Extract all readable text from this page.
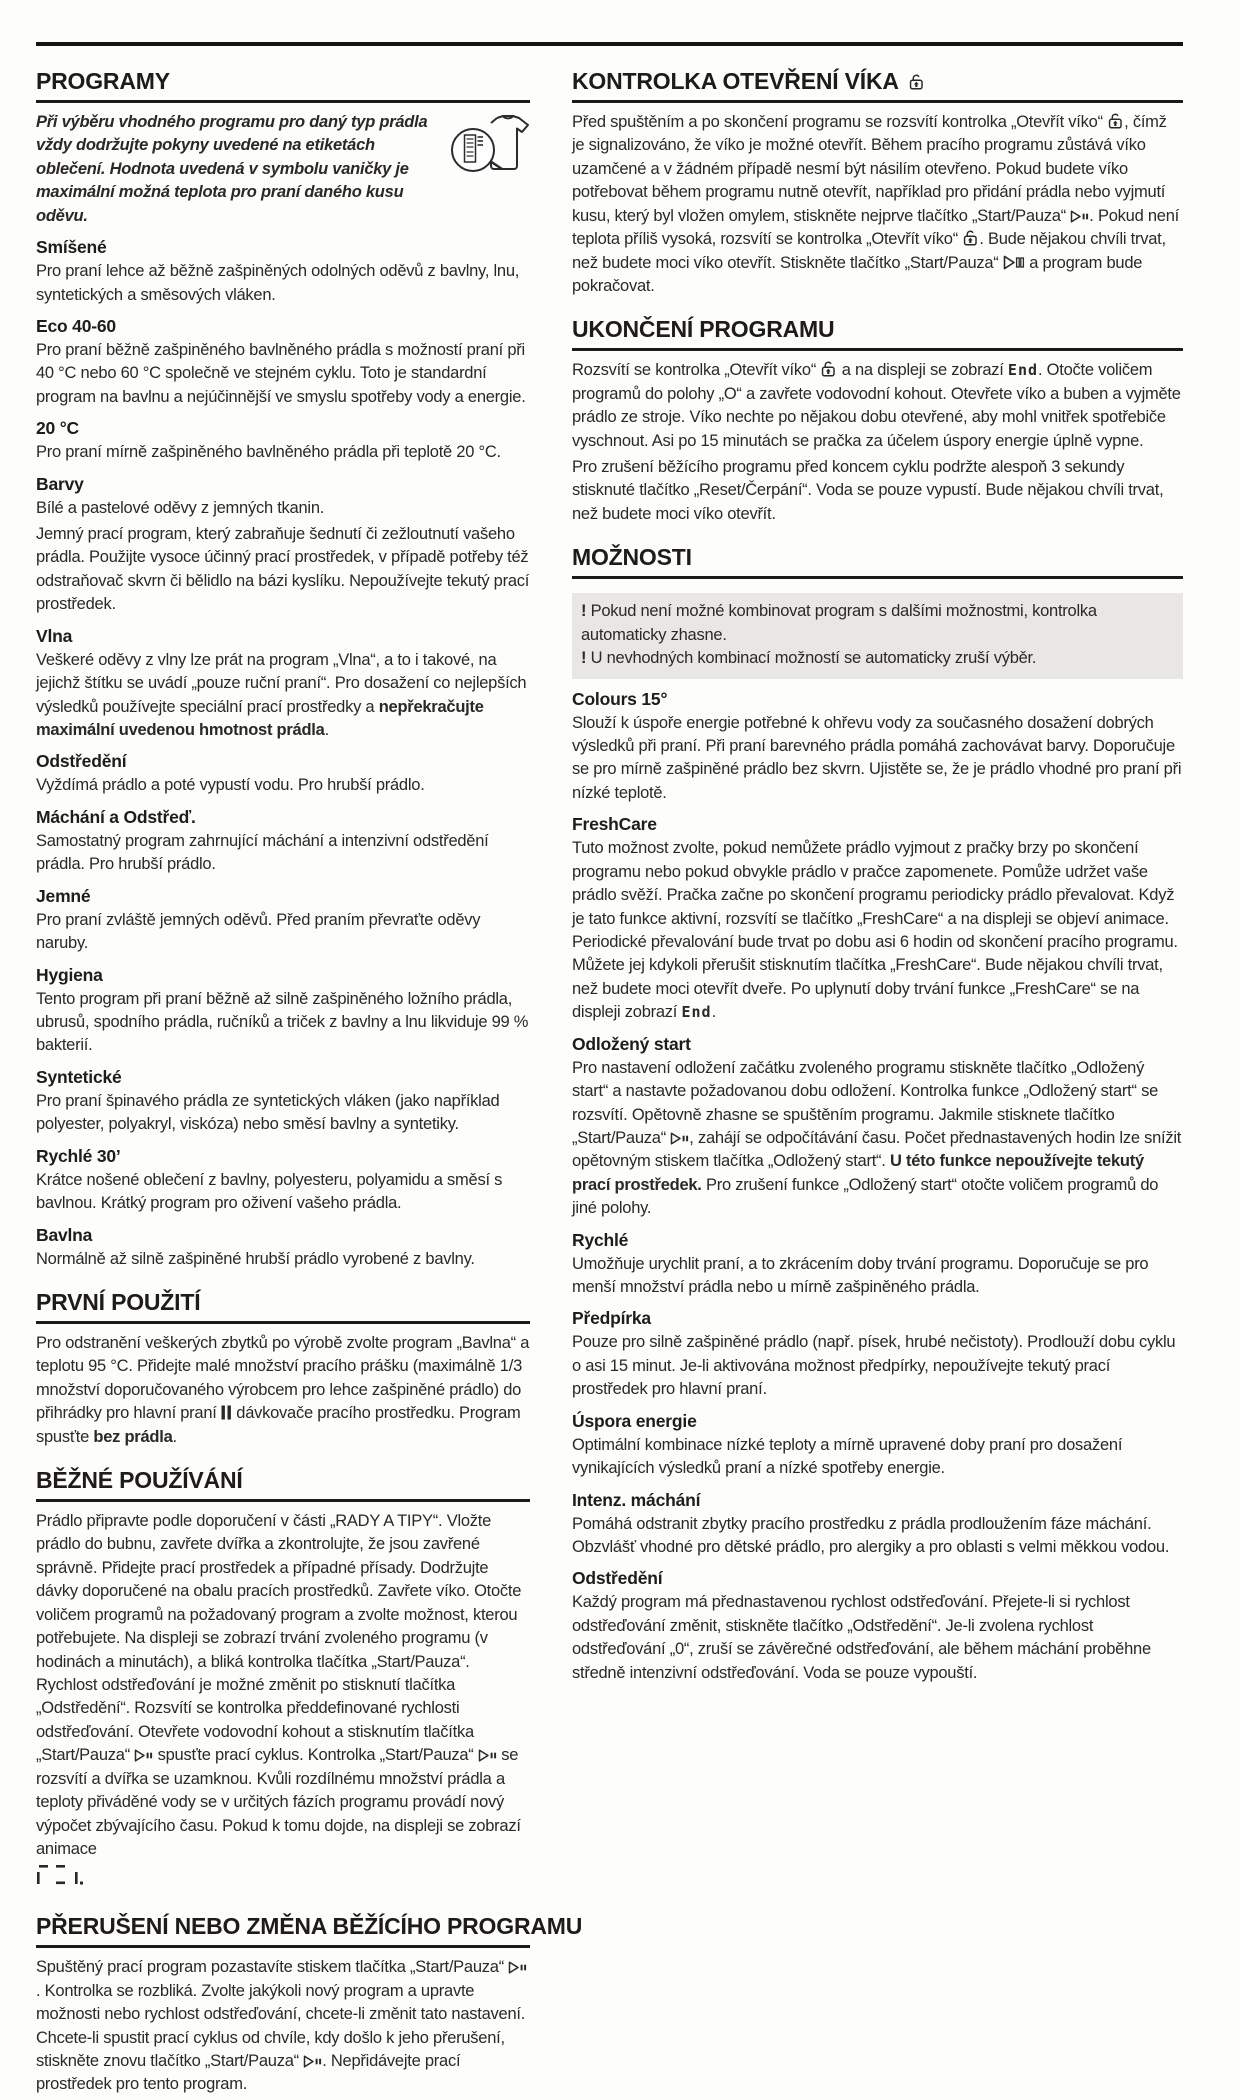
PROGRAMY

Při výběru vhodného programu pro daný typ prádla vždy dodržujte pokyny uvedené na etiketách oblečení. Hodnota uvedená v symbolu vaničky je maximální možná teplota pro praní daného kusu oděvu.

Smíšené

Pro praní lehce až běžně zašpiněných odolných oděvů z bavlny, lnu, syntetických a směsových vláken.

Eco 40-60

Pro praní běžně zašpiněného bavlněného prádla s možností praní při 40 °C nebo 60 °C společně ve stejném cyklu. Toto je standardní program na bavlnu a nejúčinnější ve smyslu spotřeby vody a energie.

20 °C

Pro praní mírně zašpiněného bavlněného prádla při teplotě 20 °C.

Barvy

Bílé a pastelové oděvy z jemných tkanin.

Jemný prací program, který zabraňuje šednutí či zežloutnutí vašeho prádla. Použijte vysoce účinný prací prostředek, v případě potřeby též odstraňovač skvrn či bělidlo na bázi kyslíku. Nepoužívejte tekutý prací prostředek.

Vlna

Veškeré oděvy z vlny lze prát na program „Vlna“, a to i takové, na jejichž štítku se uvádí „pouze ruční praní“. Pro dosažení co nejlepších výsledků používejte speciální prací prostředky a nepřekračujte maximální uvedenou hmotnost prádla.

Odstředění

Vyždímá prádlo a poté vypustí vodu. Pro hrubší prádlo.

Máchání a Odstřeď.

Samostatný program zahrnující máchání a intenzivní odstředění prádla. Pro hrubší prádlo.

Jemné

Pro praní zvláště jemných oděvů. Před praním převraťte oděvy naruby.

Hygiena

Tento program při praní běžně až silně zašpiněného ložního prádla, ubrusů, spodního prádla, ručníků a triček z bavlny a lnu likviduje 99 % bakterií.

Syntetické

Pro praní špinavého prádla ze syntetických vláken (jako například polyester, polyakryl, viskóza) nebo směsí bavlny a syntetiky.

Rychlé 30’

Krátce nošené oblečení z bavlny, polyesteru, polyamidu a směsí s bavlnou. Krátký program pro oživení vašeho prádla.

Bavlna

Normálně až silně zašpiněné hrubší prádlo vyrobené z bavlny.

PRVNÍ POUŽITÍ

Pro odstranění veškerých zbytků po výrobě zvolte program „Bavlna“ a teplotu 95 °C. Přidejte malé množství pracího prášku (maximálně 1/3 množství doporučovaného výrobcem pro lehce zašpiněné prádlo) do přihrádky pro hlavní praní  dávkovače pracího prostředku. Program spusťte bez prádla.

BĚŽNÉ POUŽÍVÁNÍ

Prádlo připravte podle doporučení v části „RADY A TIPY“. Vložte prádlo do bubnu, zavřete dvířka a zkontrolujte, že jsou zavřené správně. Přidejte prací prostředek a případné přísady. Dodržujte dávky doporučené na obalu pracích prostředků. Zavřete víko. Otočte voličem programů na požadovaný program a zvolte možnost, kterou potřebujete. Na displeji se zobrazí trvání zvoleného programu (v hodinách a minutách), a bliká kontrolka tlačítka „Start/Pauza“. Rychlost odstřeďování je možné změnit po stisknutí tlačítka „Odstředění“. Rozsvítí se kontrolka předdefinované rychlosti odstřeďování. Otevřete vodovodní kohout a stisknutím tlačítka „Start/Pauza“  spusťte prací cyklus. Kontrolka „Start/Pauza“  se rozsvítí a dvířka se uzamknou. Kvůli rozdílnému množství prádla a teploty přiváděné vody se v určitých fázích programu provádí nový výpočet zbývajícího času. Pokud k tomu dojde, na displeji se zobrazí animace

PŘERUŠENÍ NEBO ZMĚNA BĚŽÍCÍHO PROGRAMU

Spuštěný prací program pozastavíte stiskem tlačítka „Start/Pauza“ . Kontrolka se rozbliká. Zvolte jakýkoli nový program a upravte možnosti nebo rychlost odstřeďování, chcete-li změnit tato nastavení. Chcete-li spustit prací cyklus od chvíle, kdy došlo k jeho přerušení, stiskněte znovu tlačítko „Start/Pauza“ . Nepřidávejte prací prostředek pro tento program.

KONTROLKA OTEVŘENÍ VÍKA

Před spuštěním a po skončení programu se rozsvítí kontrolka „Otevřít víko“ , čímž je signalizováno, že víko je možné otevřít. Během pracího programu zůstává víko uzamčené a v žádném případě nesmí být násilím otevřeno. Pokud budete víko potřebovat během programu nutně otevřít, například pro přidání prádla nebo vyjmutí kusu, který byl vložen omylem, stiskněte nejprve tlačítko „Start/Pauza“ . Pokud není teplota příliš vysoká, rozsvítí se kontrolka „Otevřít víko“ . Bude nějakou chvíli trvat, než budete moci víko otevřít. Stiskněte tlačítko „Start/Pauza“  a program bude pokračovat.

UKONČENÍ PROGRAMU

Rozsvítí se kontrolka „Otevřít víko“  a na displeji se zobrazí End. Otočte voličem programů do polohy „O“ a zavřete vodovodní kohout. Otevřete víko a buben a vyjměte prádlo ze stroje. Víko nechte po nějakou dobu otevřené, aby mohl vnitřek spotřebiče vyschnout. Asi po 15 minutách se pračka za účelem úspory energie úplně vypne.

Pro zrušení běžícího programu před koncem cyklu podržte alespoň 3 sekundy stisknuté tlačítko „Reset/Čerpání“. Voda se pouze vypustí. Bude nějakou chvíli trvat, než budete moci víko otevřít.

MOŽNOSTI
! Pokud není možné kombinovat program s dalšími možnostmi, kontrolka automaticky zhasne.
! U nevhodných kombinací možností se automaticky zruší výběr.
Colours 15°

Slouží k úspoře energie potřebné k ohřevu vody za současného dosažení dobrých výsledků při praní. Při praní barevného prádla pomáhá zachovávat barvy. Doporučuje se pro mírně zašpiněné prádlo bez skvrn. Ujistěte se, že je prádlo vhodné pro praní při nízké teplotě.

FreshCare

Tuto možnost zvolte, pokud nemůžete prádlo vyjmout z pračky brzy po skončení programu nebo pokud obvykle prádlo v pračce zapomenete. Pomůže udržet vaše prádlo svěží. Pračka začne po skončení programu periodicky prádlo převalovat. Když je tato funkce aktivní, rozsvítí se tlačítko „FreshCare“ a na displeji se objeví animace. Periodické převalování bude trvat po dobu asi 6 hodin od skončení pracího programu. Můžete jej kdykoli přerušit stisknutím tlačítka „FreshCare“. Bude nějakou chvíli trvat, než budete moci otevřít dveře. Po uplynutí doby trvání funkce „FreshCare“ se na displeji zobrazí End.

Odložený start

Pro nastavení odložení začátku zvoleného programu stiskněte tlačítko „Odložený start“ a nastavte požadovanou dobu odložení. Kontrolka funkce „Odložený start“ se rozsvítí. Opětovně zhasne se spuštěním programu. Jakmile stisknete tlačítko „Start/Pauza“ , zahájí se odpočítávání času. Počet přednastavených hodin lze snížit opětovným stiskem tlačítka „Odložený start“. U této funkce nepoužívejte tekutý prací prostředek. Pro zrušení funkce „Odložený start“ otočte voličem programů do jiné polohy.

Rychlé

Umožňuje urychlit praní, a to zkrácením doby trvání programu. Doporučuje se pro menší množství prádla nebo u mírně zašpiněného prádla.

Předpírka

Pouze pro silně zašpiněné prádlo (např. písek, hrubé nečistoty). Prodlouží dobu cyklu o asi 15 minut. Je-li aktivována možnost předpírky, nepoužívejte tekutý prací prostředek pro hlavní praní.

Úspora energie

Optimální kombinace nízké teploty a mírně upravené doby praní pro dosažení vynikajících výsledků praní a nízké spotřeby energie.

Intenz. máchání

Pomáhá odstranit zbytky pracího prostředku z prádla prodloužením fáze máchání. Obzvlášť vhodné pro dětské prádlo, pro alergiky a pro oblasti s velmi měkkou vodou.

Odstředění

Každý program má přednastavenou rychlost odstřeďování. Přejete-li si rychlost odstřeďování změnit, stiskněte tlačítko „Odstředění“. Je-li zvolena rychlost odstřeďování „0“, zruší se závěrečné odstřeďování, ale během máchání proběhne středně intenzivní odstřeďování. Voda se pouze vypouští.
